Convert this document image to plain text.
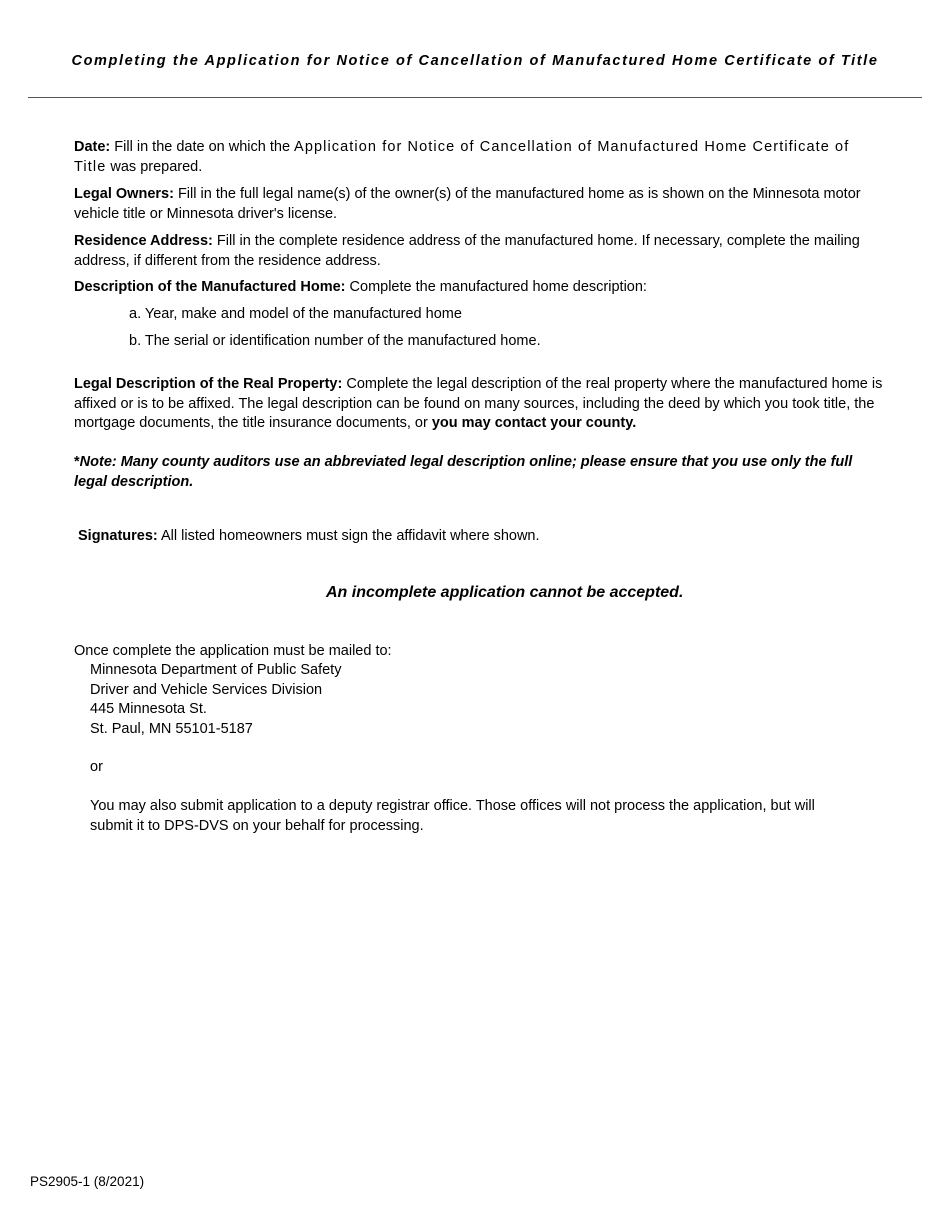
Completing the Application for Notice of Cancellation of Manufactured Home Certificate of Title

Date: Fill in the date on which the Application for Notice of Cancellation of Manufactured Home Certificate of Title was prepared.

Legal Owners: Fill in the full legal name(s) of the owner(s) of the manufactured home as is shown on the Minnesota motor vehicle title or Minnesota driver's license.

Residence Address: Fill in the complete residence address of the manufactured home. If necessary, complete the mailing address, if different from the residence address.

Description of the Manufactured Home: Complete the manufactured home description:

a. Year, make and model of the manufactured home

b. The serial or identification number of the manufactured home.

Legal Description of the Real Property: Complete the legal description of the real property where the manufactured home is affixed or is to be affixed. The legal description can be found on many sources, including the deed by which you took title, the mortgage documents, the title insurance documents, or you may contact your county.

*Note: Many county auditors use an abbreviated legal description online; please ensure that you use only the full legal description.

Signatures: All listed homeowners must sign the affidavit where shown.

An incomplete application cannot be accepted.

Once complete the application must be mailed to:

Minnesota Department of Public Safety
Driver and Vehicle Services Division
445 Minnesota St.
St. Paul, MN 55101-5187
or

You may also submit application to a deputy registrar office. Those offices will not process the application, but will submit it to DPS-DVS on your behalf for processing.

PS2905-1 (8/2021)
